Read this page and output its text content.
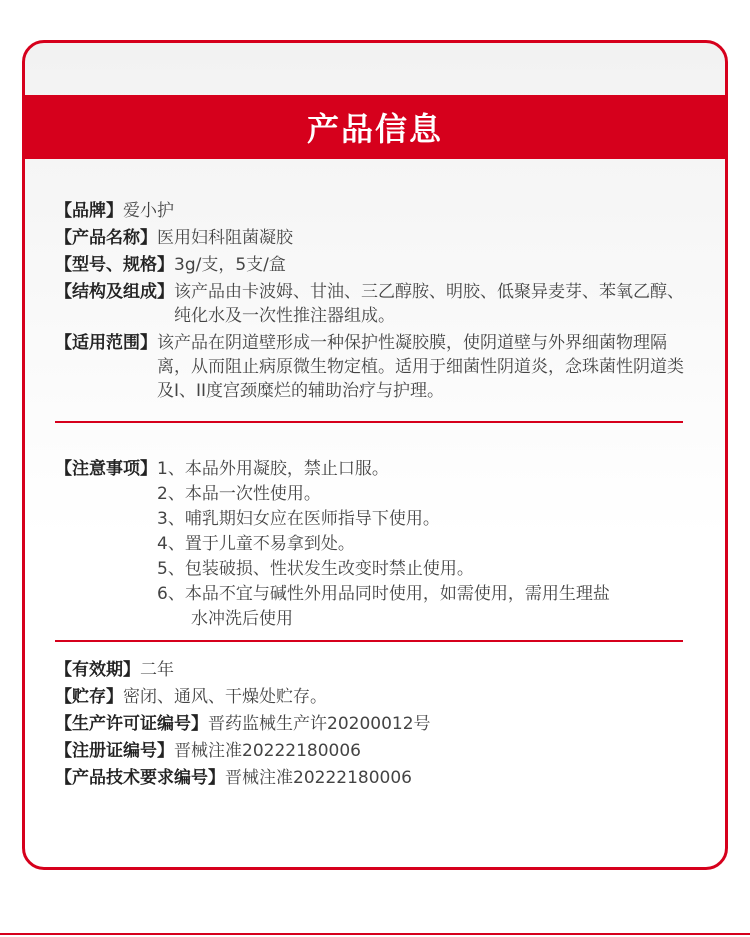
产品信息
【品牌】 爱小护
【产品名称】 医用妇科阻菌凝胶
【型号、规格】 3g/支，5支/盒
【结构及组成】 该产品由卡波姆、甘油、三乙醇胺、明胶、低聚异麦芽、苯氧乙醇、纯化水及一次性推注器组成。
【适用范围】 该产品在阴道壁形成一种保护性凝胶膜，使阴道壁与外界细菌物理隔离，从而阻止病原微生物定植。适用于细菌性阴道炎，念珠菌性阴道类及I、II度宫颈糜烂的辅助治疗与护理。
【注意事项】 1、本品外用凝胶，禁止口服。
2、本品一次性使用。
3、哺乳期妇女应在医师指导下使用。
4、置于儿童不易拿到处。
5、包装破损、性状发生改变时禁止使用。
6、本品不宜与碱性外用品同时使用，如需使用，需用生理盐
水冲洗后使用
【有效期】 二年
【贮存】 密闭、通风、干燥处贮存。
【生产许可证编号】 晋药监械生产许20200012号
【注册证编号】 晋械注准20222180006
【产品技术要求编号】 晋械注准20222180006
